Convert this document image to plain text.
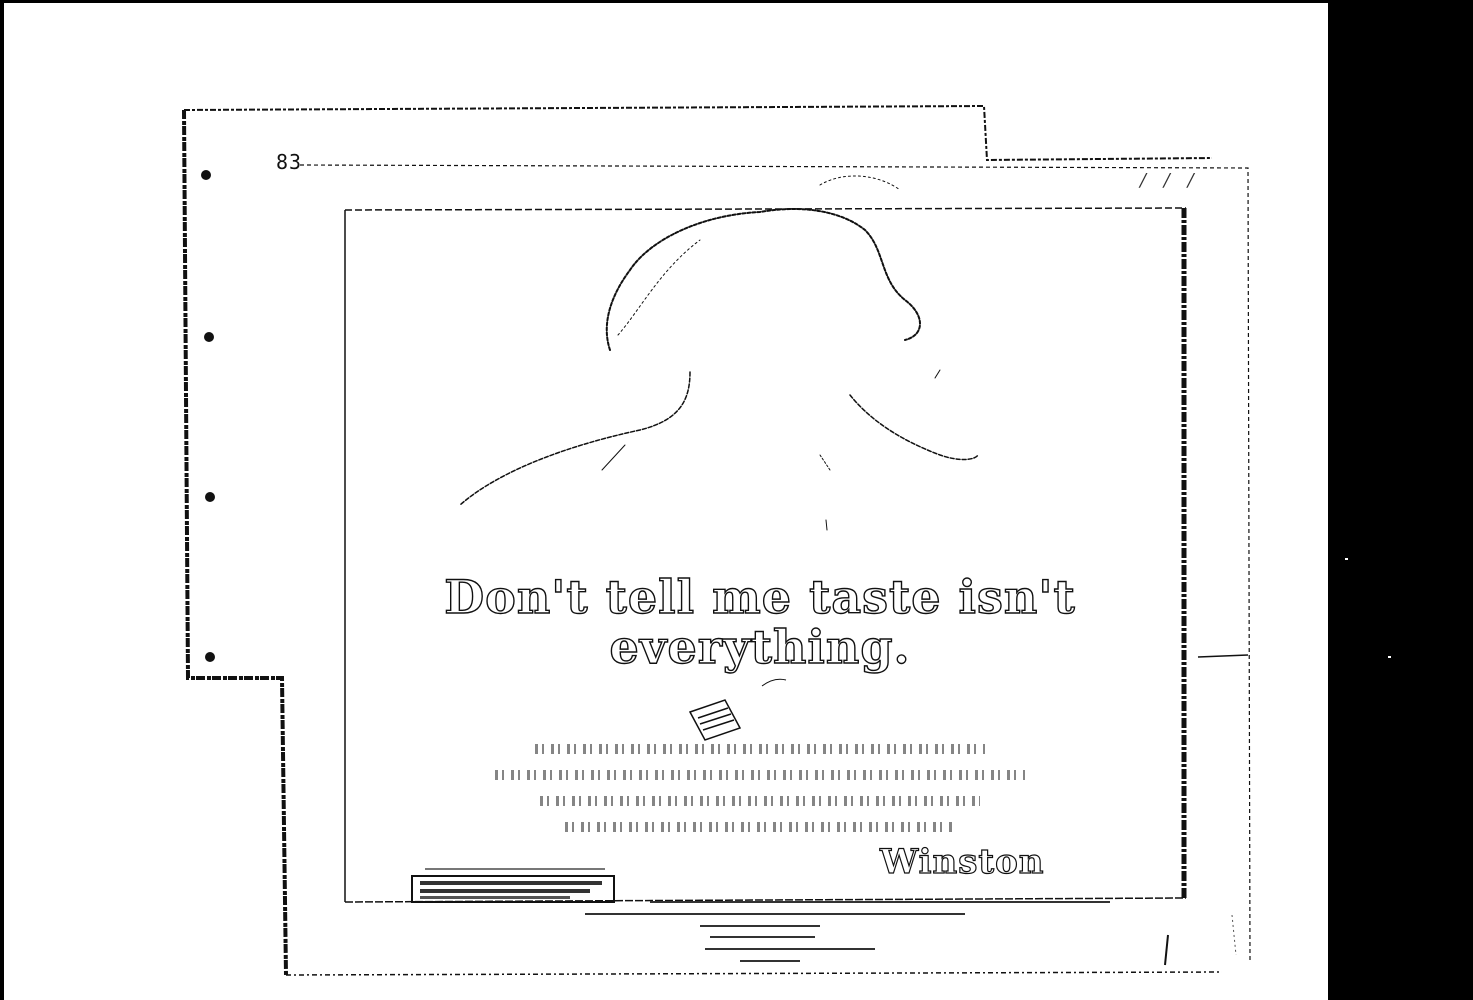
83
/ / /
Don't tell me taste isn't
everything.
Winston
